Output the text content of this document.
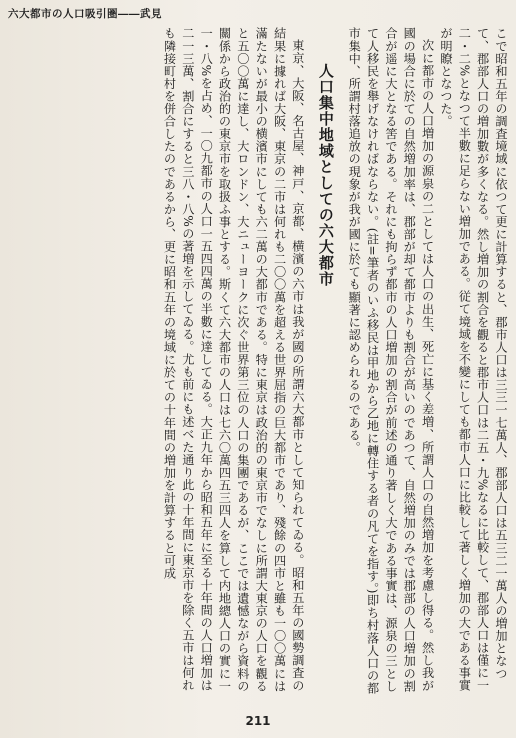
六大都市の人口吸引圏――武見

こで昭和五年の調査境域に依つて更に計算すると、郡市人口は三三一七萬人、郡部人口は五三二一萬人の増加となつて、郡部人口の増加數が多くなる。然し増加の割合を觀ると郡市人口は二五・九%なるに比較して、郡部人口は僅に一二・二%となつて半數に足らない増加である。従て境域を不變にしても都市人口に比較して著しく増加の大である事實が明瞭となつた。

次に都市の人口増加の源泉の二としては人口の出生、死亡に基く差増、所謂人口の自然増加を考慮し得る。然し我が國の場合に於ての自然増加率は、郡部が却て都市よりも割合が高いのであつて、自然増加のみでは郡部の人口増加の割合が遥に大となる筈である。それにも拘らず都市の人口増加の割合が前述の通り著しく大である事實は、源泉の三として人移民を舉げなければならない。(註=筆者のいふ移民は甲地から乙地に轉住する者の凡てを指す。)即ち村落人口の都市集中、所謂村落追放の現象が我が國に於ても顯著に認められるのである。

人口集中地域としての六大都市

東京、大阪、名古屋、神戸、京都、横濱の六市は我が國の所謂六大都市として知られてゐる。昭和五年の國勢調査の結果に據れば大阪、東京の二市は何れも二〇〇萬を超える世界屈指の巨大都市であり、殘餘の四市と雖も一〇〇萬には滿たないが最小の横濱市にしても六二萬の大都市である。特に東京は政治的の東京市でなしに所謂大東京の人口を觀ると五〇〇萬に達し、大ロンドン、大ニューヨークに次ぐ世界第三位の人口の集團であるが、ここでは遺憾ながら資料の關係から政治的の東京市を取扱ふ事とする。斯くて六大都市の人口は七六〇萬四五三四人を算して内地總人口の實に一一・八%を占め、一〇九都市の人口一五四四萬の半數に達してゐる。大正九年から昭和五年に至る十年間の人口増加は二一三萬、割合にすると三八・八%の著増を示してゐる。尤も前にも述べた通り此の十年間に東京市を除く五市は何れも隣接町村を併合したのであるから、更に昭和五年の境域に於ての十年間の増加を計算すると可成

211
